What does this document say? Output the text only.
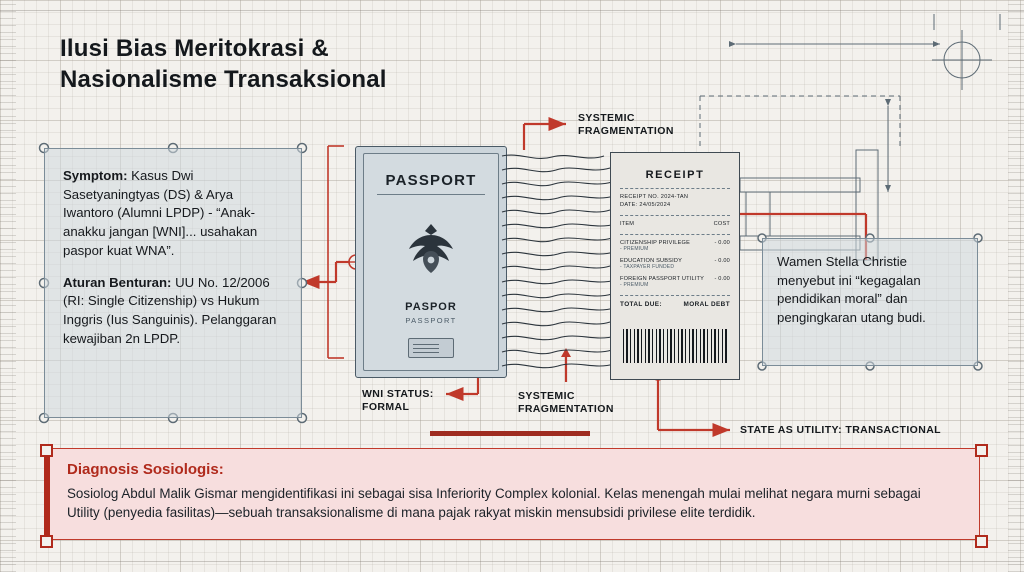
Ilusi Bias Meritokrasi &
Nasionalisme Transaksional
Symptom: Kasus Dwi Sasetyaningtyas (DS) & Arya Iwantoro (Alumni LPDP) - “Anak-anakku jangan [WNI]... usahakan paspor kuat WNA”.
Aturan Benturan: UU No. 12/2006 (RI: Single Citizenship) vs Hukum Inggris (Ius Sanguinis). Pelanggaran kewajiban 2n LPDP.
PASSPORT
PASPOR
PASSPORT
RECEIPT
RECEIPT NO. 2024-TAN
DATE: 24/05/2024
ITEM	COST
CITIZENSHIP PRIVILEGE
- PREMIUM
- 0.00
EDUCATION SUBSIDY
- TAXPAYER FUNDED
- 0.00
FOREIGN PASSPORT UTILITY
- PREMIUM
- 0.00
TOTAL DUE:	MORAL DEBT
Wamen Stella Christie menyebut ini “kegagalan pendidikan moral” dan pengingkaran utang budi.
SYSTEMIC
FRAGMENTATION
WNI STATUS:
FORMAL
SYSTEMIC
FRAGMENTATION
STATE AS UTILITY: TRANSACTIONAL
Diagnosis Sosiologis:
Sosiolog Abdul Malik Gismar mengidentifikasi ini sebagai sisa Inferiority Complex kolonial. Kelas menengah mulai melihat negara murni sebagai Utility (penyedia fasilitas)—sebuah transaksionalisme di mana pajak rakyat miskin mensubsidi privilese elite terdidik.
